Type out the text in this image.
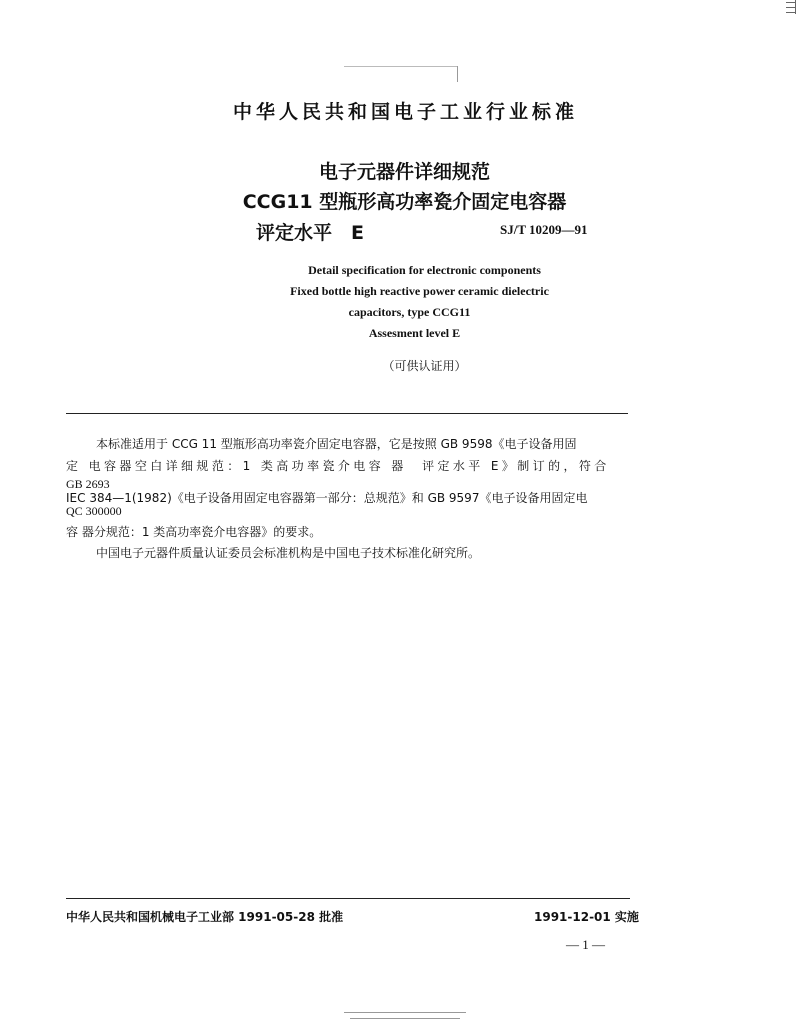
中华人民共和国电子工业行业标准
电子元器件详细规范
CCG11 型瓶形高功率瓷介固定电容器
评定水平　E	SJ/T 10209—91
Detail specification for electronic components
Fixed bottle high reactive power ceramic dielectric
capacitors, type CCG11
Assesment level E
（可供认证用）
本标准适用于 CCG 11 型瓶形高功率瓷介固定电容器，它是按照 GB 9598《电子设备用固
定 电容器空白详细规范：1 类高功率瓷介电容 器　评定水平 E》制订的，符合
GB 2693
IEC 384—1(1982)《电子设备用固定电容器第一部分：总规范》和 GB 9597《电子设备用固定电
QC 300000
容 器分规范：1 类高功率瓷介电容器》的要求。
中国电子元器件质量认证委员会标准机构是中国电子技术标准化研究所。
中华人民共和国机械电子工业部 1991-05-28 批准	1991-12-01 实施
— 1 —
